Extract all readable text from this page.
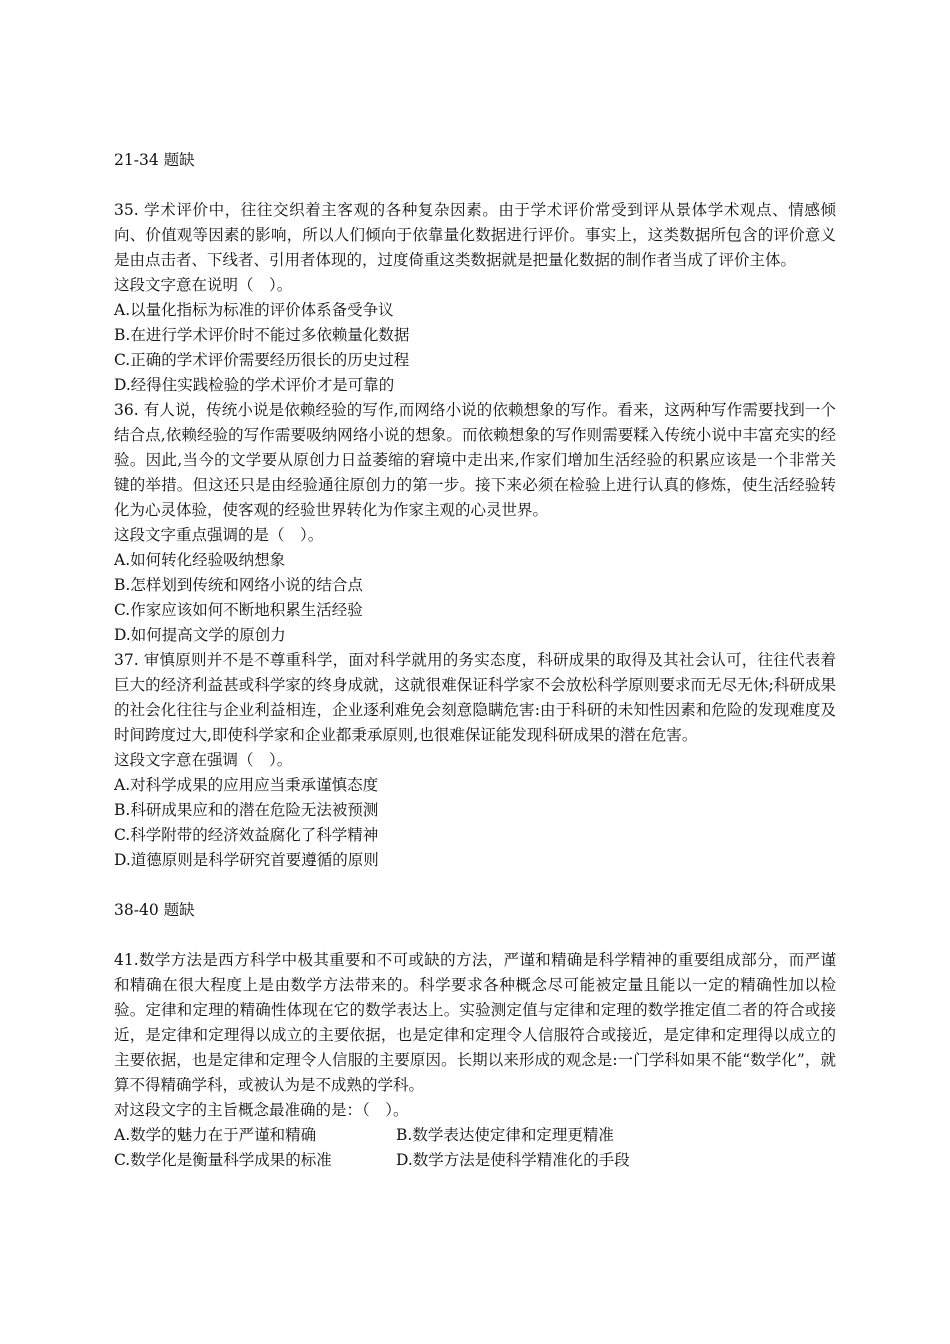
21-34 题缺

35. 学术评价中，往往交织着主客观的各种复杂因素。由于学术评价常受到评从景体学术观点、情感倾向、价值观等因素的影响，所以人们倾向于依靠量化数据进行评价。事实上，这类数据所包含的评价意义是由点击者、下线者、引用者体现的，过度倚重这类数据就是把量化数据的制作者当成了评价主体。

这段文字意在说明（　）。

A.以量化指标为标准的评价体系备受争议

B.在进行学术评价时不能过多依赖量化数据

C.正确的学术评价需要经历很长的历史过程

D.经得住实践检验的学术评价才是可靠的

36. 有人说，传统小说是依赖经验的写作,而网络小说的依赖想象的写作。看来，这两种写作需要找到一个结合点,依赖经验的写作需要吸纳网络小说的想象。而依赖想象的写作则需要糅入传统小说中丰富充实的经验。因此,当今的文学要从原创力日益萎缩的窘境中走出来,作家们增加生活经验的积累应该是一个非常关键的举措。但这还只是由经验通往原创力的第一步。接下来必须在检验上进行认真的修炼，使生活经验转化为心灵体验，使客观的经验世界转化为作家主观的心灵世界。

这段文字重点强调的是（　）。

A.如何转化经验吸纳想象

B.怎样划到传统和网络小说的结合点

C.作家应该如何不断地积累生活经验

D.如何提高文学的原创力

37. 审慎原则并不是不尊重科学，面对科学就用的务实态度，科研成果的取得及其社会认可，往往代表着巨大的经济利益甚或科学家的终身成就，这就很难保证科学家不会放松科学原则要求而无尽无休;科研成果的社会化往往与企业利益相连，企业逐利难免会刻意隐瞒危害:由于科研的未知性因素和危险的发现难度及时间跨度过大,即使科学家和企业都秉承原则,也很难保证能发现科研成果的潜在危害。

这段文字意在强调（　）。

A.对科学成果的应用应当秉承谨慎态度

B.科研成果应和的潜在危险无法被预测

C.科学附带的经济效益腐化了科学精神

D.道德原则是科学研究首要遵循的原则

38-40 题缺

41.数学方法是西方科学中极其重要和不可或缺的方法，严谨和精确是科学精神的重要组成部分，而严谨和精确在很大程度上是由数学方法带来的。科学要求各种概念尽可能被定量且能以一定的精确性加以检验。定律和定理的精确性体现在它的数学表达上。实验测定值与定律和定理的数学推定值二者的符合或接近，是定律和定理得以成立的主要依据，也是定律和定理令人信服符合或接近，是定律和定理得以成立的主要依据，也是定律和定理令人信服的主要原因。长期以来形成的观念是:一门学科如果不能“数学化”，就算不得精确学科，或被认为是不成熟的学科。

对这段文字的主旨概念最准确的是：（　）。

A.数学的魅力在于严谨和精确	B.数学表达使定律和定理更精准

C.数学化是衡量科学成果的标准	D.数学方法是使科学精准化的手段
